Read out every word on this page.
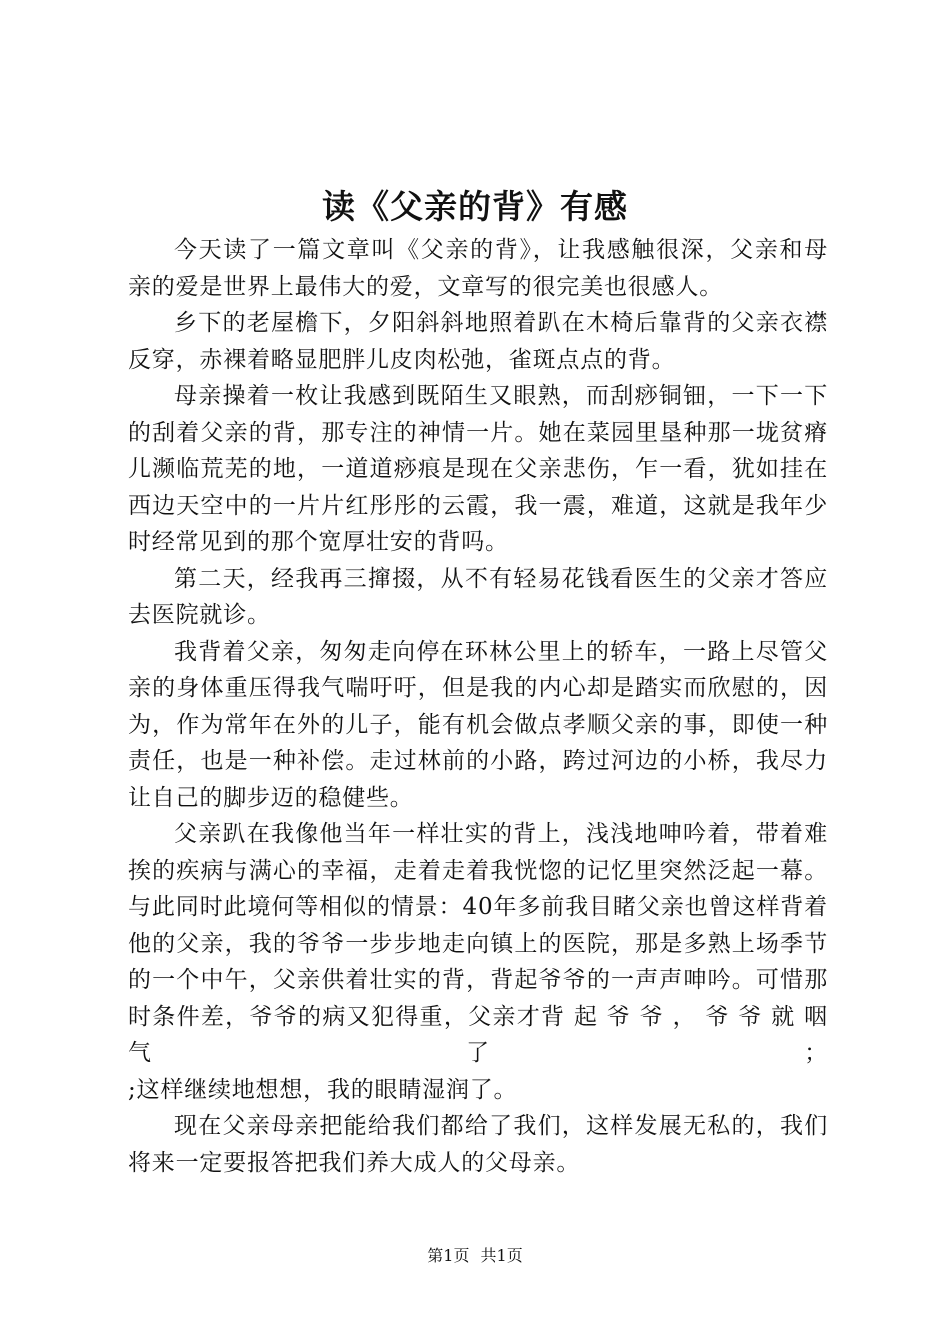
读《父亲的背》有感

今天读了一篇文章叫《父亲的背》，让我感触很深，父亲和母亲的爱是世界上最伟大的爱，文章写的很完美也很感人。

乡下的老屋檐下，夕阳斜斜地照着趴在木椅后靠背的父亲衣襟反穿，赤裸着略显肥胖儿皮肉松弛，雀斑点点的背。

母亲操着一枚让我感到既陌生又眼熟，而刮痧铜钿，一下一下的刮着父亲的背，那专注的神情一片。她在菜园里垦种那一垅贫瘠儿濒临荒芜的地，一道道痧痕是现在父亲悲伤，乍一看，犹如挂在西边天空中的一片片红彤彤的云霞，我一震，难道，这就是我年少时经常见到的那个宽厚壮安的背吗。

第二天，经我再三撺掇，从不有轻易花钱看医生的父亲才答应去医院就诊。

我背着父亲，匆匆走向停在环林公里上的轿车，一路上尽管父亲的身体重压得我气喘吁吁，但是我的内心却是踏实而欣慰的，因为，作为常年在外的儿子，能有机会做点孝顺父亲的事，即使一种责任，也是一种补偿。走过林前的小路，跨过河边的小桥，我尽力让自己的脚步迈的稳健些。

父亲趴在我像他当年一样壮实的背上，浅浅地呻吟着，带着难挨的疾病与满心的幸福，走着走着我恍惚的记忆里突然泛起一幕。与此同时此境何等相似的情景：40年多前我目睹父亲也曾这样背着他的父亲，我的爷爷一步步地走向镇上的医院，那是多熟上场季节的一个中午，父亲供着壮实的背，背起爷爷的一声声呻吟。可惜那时条件差，爷爷的病又犯得重，父亲才背 起 爷 爷 ， 爷 爷 就 咽 气 了 ；

;这样继续地想想，我的眼睛湿润了。

现在父亲母亲把能给我们都给了我们，这样发展无私的，我们将来一定要报答把我们养大成人的父母亲。

第1页 共1页
